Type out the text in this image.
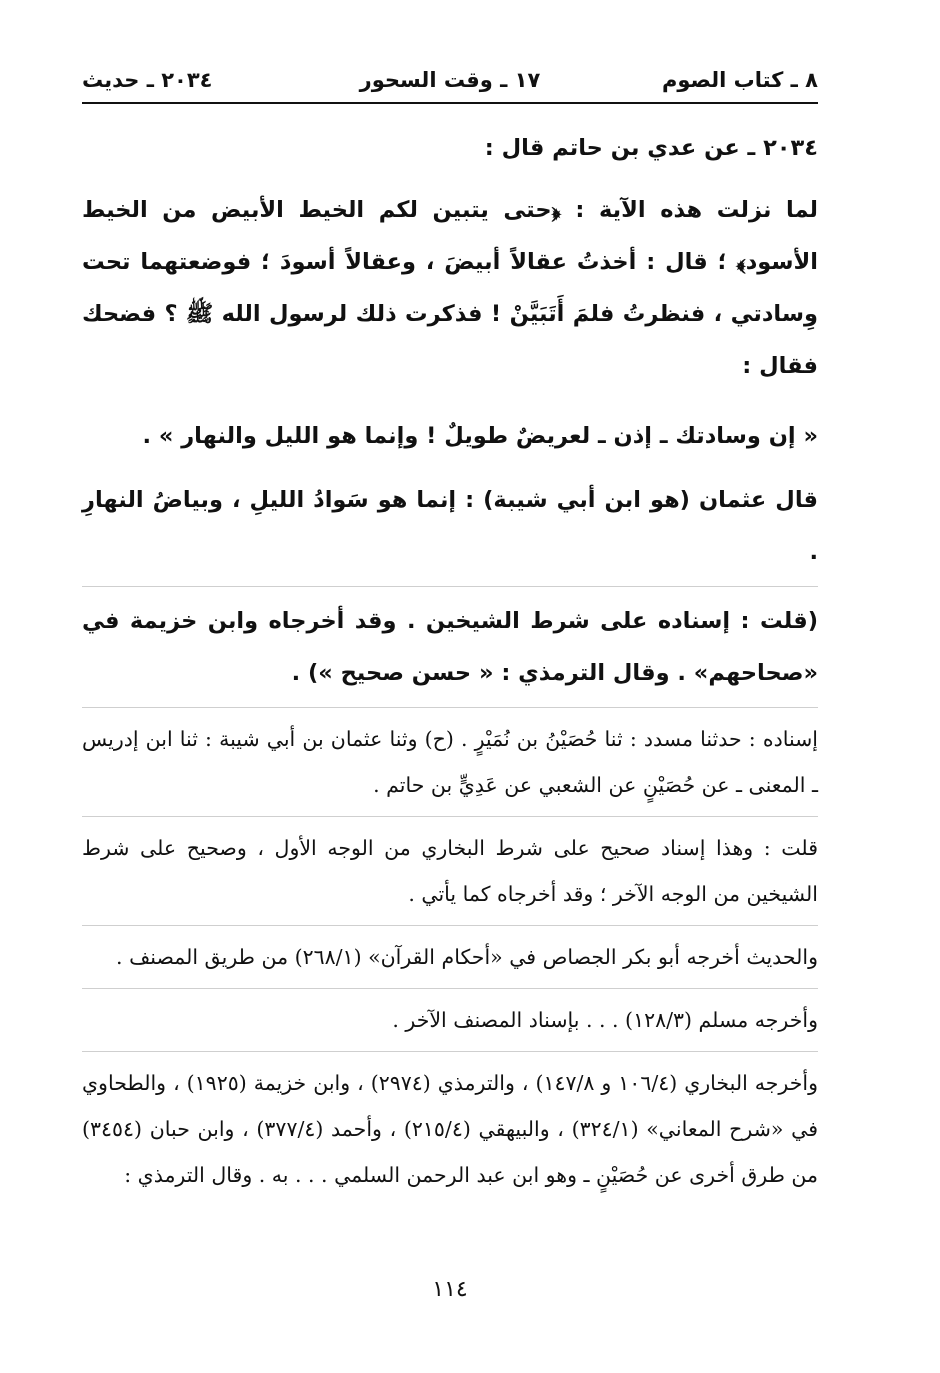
٨ ـ كتاب الصوم
١٧ ـ وقت السحور
٢٠٣٤ ـ حديث

٢٠٣٤ ـ عن عدي بن حاتم قال :

لما نزلت هذه الآية : ﴿حتى يتبين لكم الخيط الأبيض من الخيط الأسود﴾ ؛ قال : أخذتُ عقالاً أبيضَ ، وعقالاً أسودَ ؛ فوضعتهما تحت وِسادتي ، فنظرتُ فلمَ أَتَبَيَّنْ ! فذكرت ذلك لرسول الله ﷺ ؟ فضحك فقال :

« إن وسادتك ـ إذن ـ لعريضٌ طويلٌ ! وإنما هو الليل والنهار » .

قال عثمان (هو ابن أبي شيبة) : إنما هو سَوادُ الليلِ ، وبياضُ النهارِ .

(قلت : إسناده على شرط الشيخين . وقد أخرجاه وابن خزيمة في «صحاحهم» . وقال الترمذي : « حسن صحيح ») .

إسناده : حدثنا مسدد : ثنا حُصَيْنُ بن نُمَيْرٍ . (ح) وثنا عثمان بن أبي شيبة : ثنا ابن إدريس ـ المعنى ـ عن حُصَيْنٍ عن الشعبي عن عَدِيٍّ بن حاتم .

قلت : وهذا إسناد صحيح على شرط البخاري من الوجه الأول ، وصحيح على شرط الشيخين من الوجه الآخر ؛ وقد أخرجاه كما يأتي .

والحديث أخرجه أبو بكر الجصاص في «أحكام القرآن» (٢٦٨/١) من طريق المصنف .

وأخرجه مسلم (١٢٨/٣) . . . بإسناد المصنف الآخر .

وأخرجه البخاري (١٠٦/٤ و ١٤٧/٨) ، والترمذي (٢٩٧٤) ، وابن خزيمة (١٩٢٥) ، والطحاوي في «شرح المعاني» (٣٢٤/١) ، والبيهقي (٢١٥/٤) ، وأحمد (٣٧٧/٤) ، وابن حبان (٣٤٥٤) من طرق أخرى عن حُصَيْنٍ ـ وهو ابن عبد الرحمن السلمي . . . به . وقال الترمذي :

١١٤
